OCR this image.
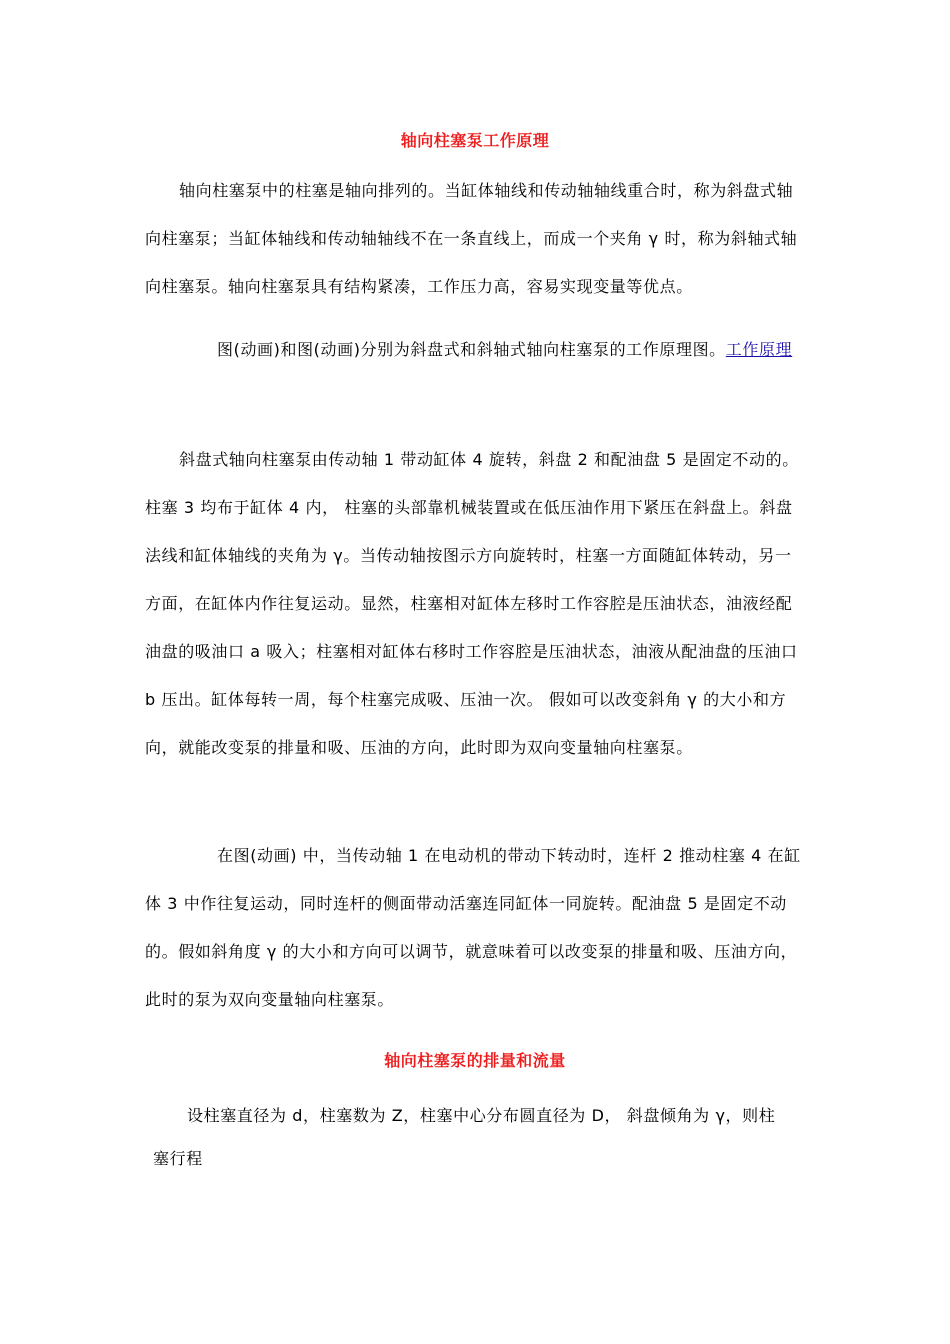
轴向柱塞泵工作原理

轴向柱塞泵中的柱塞是轴向排列的。当缸体轴线和传动轴轴线重合时，称为斜盘式轴向柱塞泵；当缸体轴线和传动轴轴线不在一条直线上，而成一个夹角 γ 时，称为斜轴式轴向柱塞泵。轴向柱塞泵具有结构紧凑，工作压力高，容易实现变量等优点。

图(动画)和图(动画)分别为斜盘式和斜轴式轴向柱塞泵的工作原理图。工作原理

斜盘式轴向柱塞泵由传动轴 1 带动缸体 4 旋转，斜盘 2 和配油盘 5 是固定不动的。柱塞 3 均布于缸体 4 内， 柱塞的头部靠机械装置或在低压油作用下紧压在斜盘上。斜盘法线和缸体轴线的夹角为 γ。当传动轴按图示方向旋转时，柱塞一方面随缸体转动，另一方面，在缸体内作往复运动。显然，柱塞相对缸体左移时工作容腔是压油状态，油液经配油盘的吸油口 a 吸入；柱塞相对缸体右移时工作容腔是压油状态，油液从配油盘的压油口 b 压出。缸体每转一周，每个柱塞完成吸、压油一次。 假如可以改变斜角 γ 的大小和方向，就能改变泵的排量和吸、压油的方向，此时即为双向变量轴向柱塞泵。

在图(动画) 中，当传动轴 1 在电动机的带动下转动时，连杆 2 推动柱塞 4 在缸体 3 中作往复运动，同时连杆的侧面带动活塞连同缸体一同旋转。配油盘 5 是固定不动的。假如斜角度 γ 的大小和方向可以调节，就意味着可以改变泵的排量和吸、压油方向，此时的泵为双向变量轴向柱塞泵。

轴向柱塞泵的排量和流量
设柱塞直径为 d，柱塞数为 Z，柱塞中心分布圆直径为 D， 斜盘倾角为 γ，则柱
塞行程
